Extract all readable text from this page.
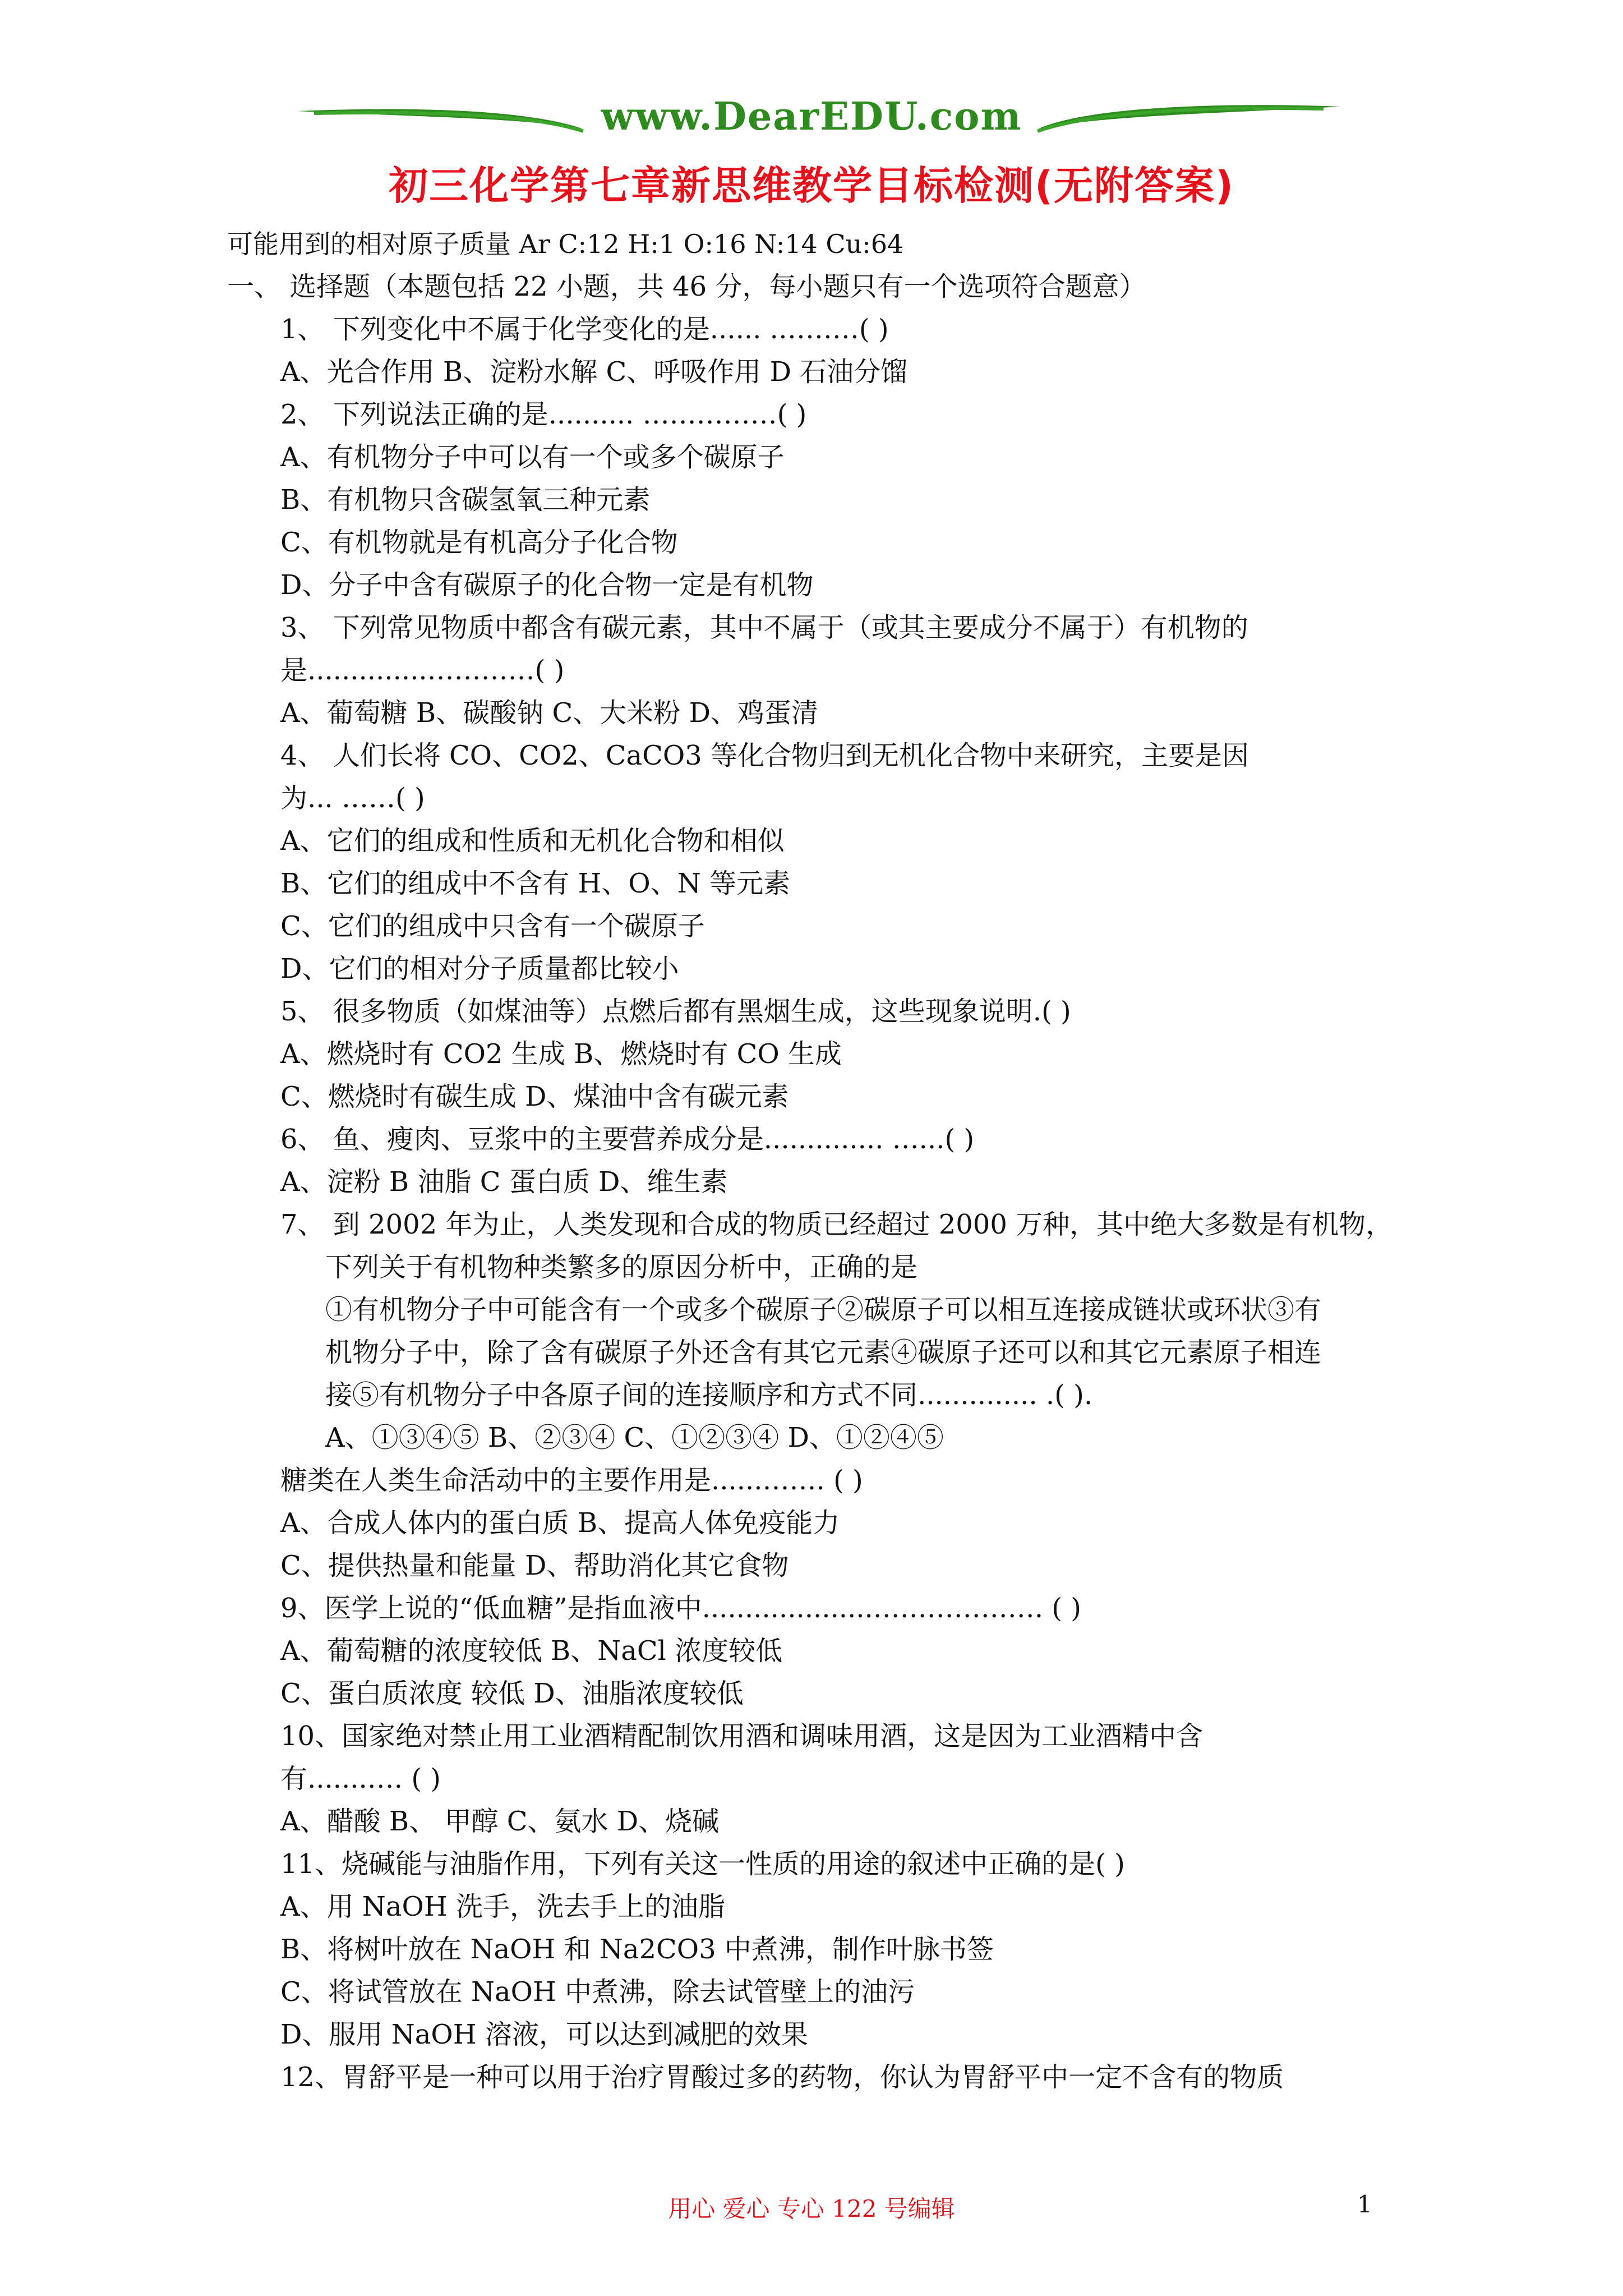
www.DearEDU.com
初三化学第七章新思维教学目标检测(无附答案)
可能用到的相对原子质量 Ar C:12 H:1 O:16 N:14 Cu:64
一、 选择题（本题包括 22 小题，共 46 分，每小题只有一个选项符合题意）
1、 下列变化中不属于化学变化的是...... .………( )
A、光合作用 B、淀粉水解 C、呼吸作用 D 石油分馏
2、 下列说法正确的是.......... ……………( )
A、有机物分子中可以有一个或多个碳原子
B、有机物只含碳氢氧三种元素
C、有机物就是有机高分子化合物
D、分子中含有碳原子的化合物一定是有机物
3、 下列常见物质中都含有碳元素，其中不属于（或其主要成分不属于）有机物的
是..............…………( )
A、葡萄糖 B、碳酸钠 C、大米粉 D、鸡蛋清
4、 人们长将 CO、CO2、CaCO3 等化合物归到无机化合物中来研究，主要是因
为... ……( )
A、它们的组成和性质和无机化合物和相似
B、它们的组成中不含有 H、O、N 等元素
C、它们的组成中只含有一个碳原子
D、它们的相对分子质量都比较小
5、 很多物质（如煤油等）点燃后都有黑烟生成，这些现象说明.( )
A、燃烧时有 CO2 生成 B、燃烧时有 CO 生成
C、燃烧时有碳生成 D、煤油中含有碳元素
6、 鱼、瘦肉、豆浆中的主要营养成分是.............. …...( )
A、淀粉 B 油脂 C 蛋白质 D、维生素
7、 到 2002 年为止，人类发现和合成的物质已经超过 2000 万种，其中绝大多数是有机物，
下列关于有机物种类繁多的原因分析中，正确的是
①有机物分子中可能含有一个或多个碳原子②碳原子可以相互连接成链状或环状③有
机物分子中，除了含有碳原子外还含有其它元素④碳原子还可以和其它元素原子相连
接⑤有机物分子中各原子间的连接顺序和方式不同.............. .( ).
A、①③④⑤ B、②③④ C、①②③④ D、①②④⑤
糖类在人类生命活动中的主要作用是......……. ( )
A、合成人体内的蛋白质 B、提高人体免疫能力
C、提供热量和能量 D、帮助消化其它食物
9、医学上说的“低血糖”是指血液中....................………………. ( )
A、葡萄糖的浓度较低 B、NaCl 浓度较低
C、蛋白质浓度 较低 D、油脂浓度较低
10、国家绝对禁止用工业酒精配制饮用酒和调味用酒，这是因为工业酒精中含
有.......…. ( )
A、醋酸 B、 甲醇 C、氨水 D、烧碱
11、烧碱能与油脂作用，下列有关这一性质的用途的叙述中正确的是( )
A、用 NaOH 洗手，洗去手上的油脂
B、将树叶放在 NaOH 和 Na2CO3 中煮沸，制作叶脉书签
C、将试管放在 NaOH 中煮沸，除去试管壁上的油污
D、服用 NaOH 溶液，可以达到减肥的效果
12、胃舒平是一种可以用于治疗胃酸过多的药物，你认为胃舒平中一定不含有的物质
用心 爱心 专心 122 号编辑	1
